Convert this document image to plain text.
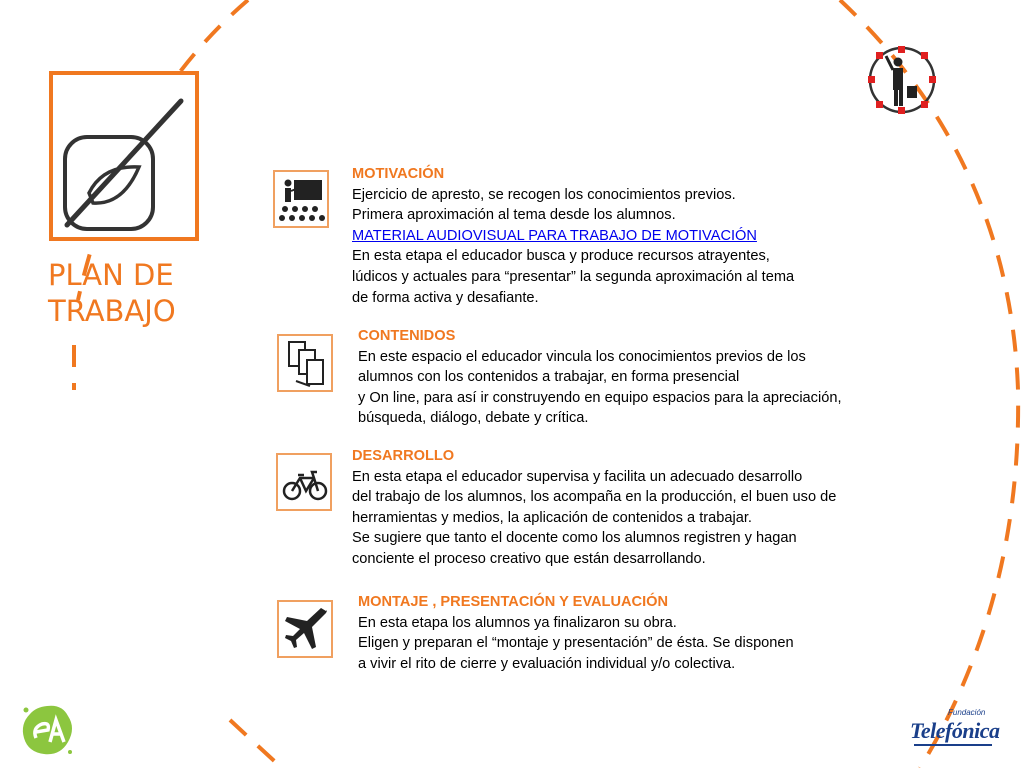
PLAN DE
TRABAJO
MOTIVACIÓN
Ejercicio de apresto, se recogen los conocimientos previos.
Primera aproximación al tema desde los alumnos.
MATERIAL AUDIOVISUAL PARA TRABAJO DE MOTIVACIÓN
En esta etapa el educador busca y produce recursos atrayentes,
lúdicos y actuales para “presentar” la segunda aproximación al tema
de forma activa y desafiante.
CONTENIDOS
En este espacio el educador vincula los conocimientos previos de los
alumnos con los contenidos a trabajar, en forma presencial
y On line, para así ir construyendo en equipo espacios para la apreciación,
búsqueda, diálogo, debate y crítica.
DESARROLLO
En esta etapa el educador supervisa y facilita un adecuado desarrollo
del trabajo de los alumnos, los acompaña en la producción, el buen uso de
herramientas y medios, la aplicación de contenidos a trabajar.
Se sugiere que tanto el docente como los alumnos registren y hagan
conciente el proceso creativo que están desarrollando.
MONTAJE , PRESENTACIÓN Y EVALUACIÓN
En esta etapa los alumnos ya finalizaron su obra.
Eligen y preparan el “montaje y presentación” de ésta. Se disponen
a vivir el rito de cierre y evaluación individual y/o colectiva.
Fundación
Telefónica
